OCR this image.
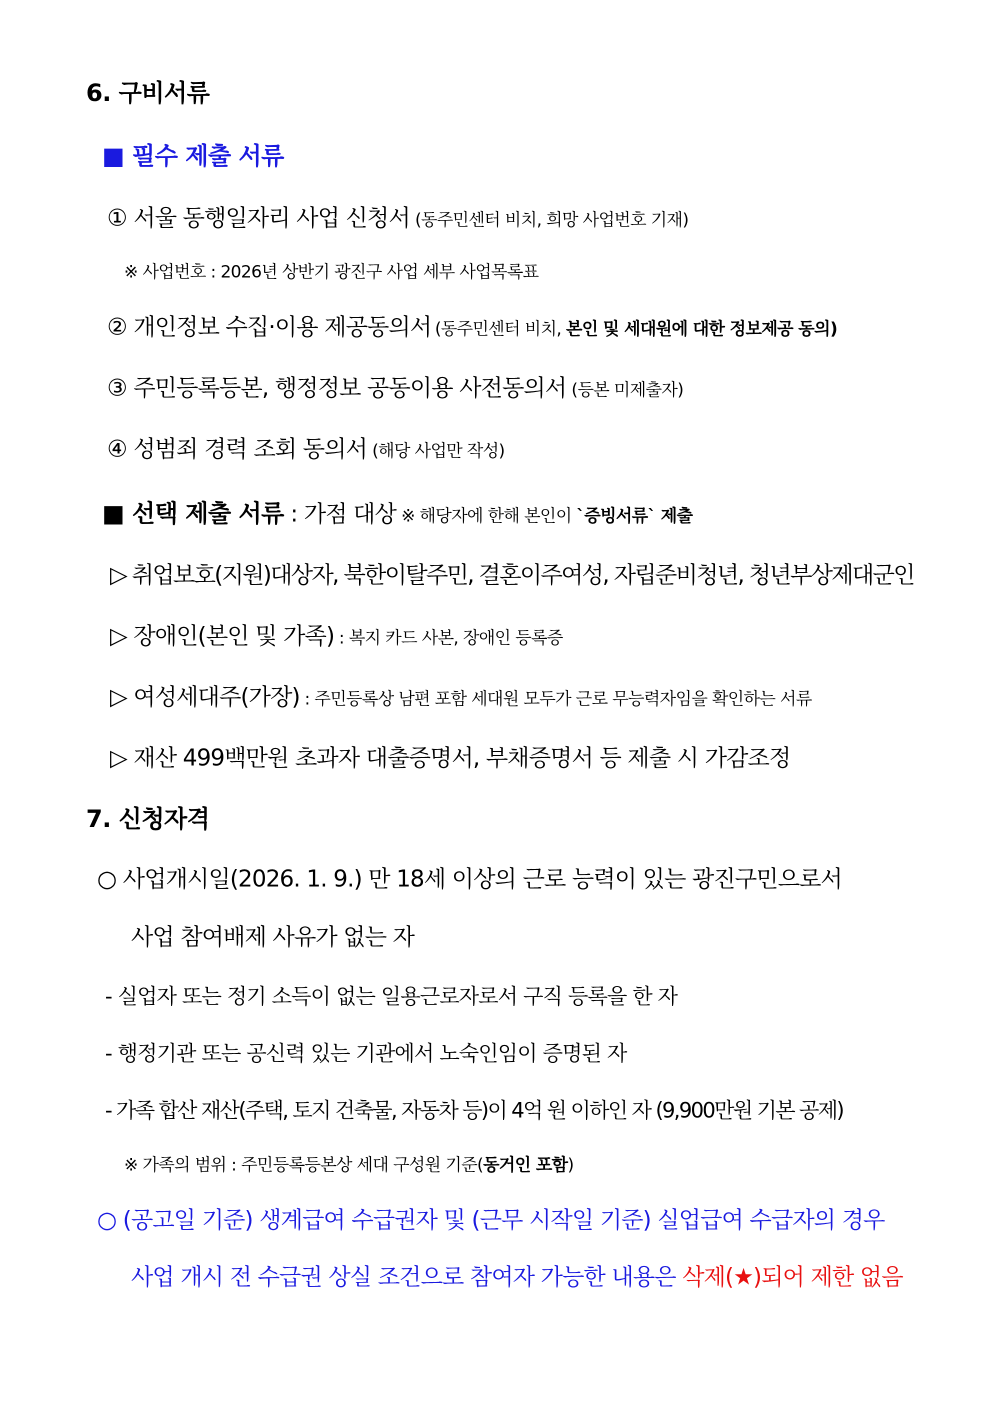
6. 구비서류
■ 필수 제출 서류
① 서울 동행일자리 사업 신청서 (동주민센터 비치, 희망 사업번호 기재)
※ 사업번호 : 2026년 상반기 광진구 사업 세부 사업목록표
② 개인정보 수집·이용 제공동의서 (동주민센터 비치, 본인 및 세대원에 대한 정보제공 동의)
③ 주민등록등본, 행정정보 공동이용 사전동의서 (등본 미제출자)
④ 성범죄 경력 조회 동의서 (해당 사업만 작성)
■ 선택 제출 서류 : 가점 대상 ※ 해당자에 한해 본인이 `증빙서류` 제출
▷ 취업보호(지원)대상자, 북한이탈주민, 결혼이주여성, 자립준비청년, 청년부상제대군인
▷ 장애인(본인 및 가족) : 복지 카드 사본, 장애인 등록증
▷ 여성세대주(가장) : 주민등록상 남편 포함 세대원 모두가 근로 무능력자임을 확인하는 서류
▷ 재산 499백만원 초과자 대출증명서, 부채증명서 등 제출 시 가감조정
7. 신청자격
○ 사업개시일(2026. 1. 9.) 만 18세 이상의 근로 능력이 있는 광진구민으로서
사업 참여배제 사유가 없는 자
- 실업자 또는 정기 소득이 없는 일용근로자로서 구직 등록을 한 자
- 행정기관 또는 공신력 있는 기관에서 노숙인임이 증명된 자
- 가족 합산 재산(주택, 토지 건축물, 자동차 등)이 4억 원 이하인 자 (9,900만원 기본 공제)
※ 가족의 범위 : 주민등록등본상 세대 구성원 기준(동거인 포함)
○ (공고일 기준) 생계급여 수급권자 및 (근무 시작일 기준) 실업급여 수급자의 경우
사업 개시 전 수급권 상실 조건으로 참여자 가능한 내용은 삭제(★)되어 제한 없음
